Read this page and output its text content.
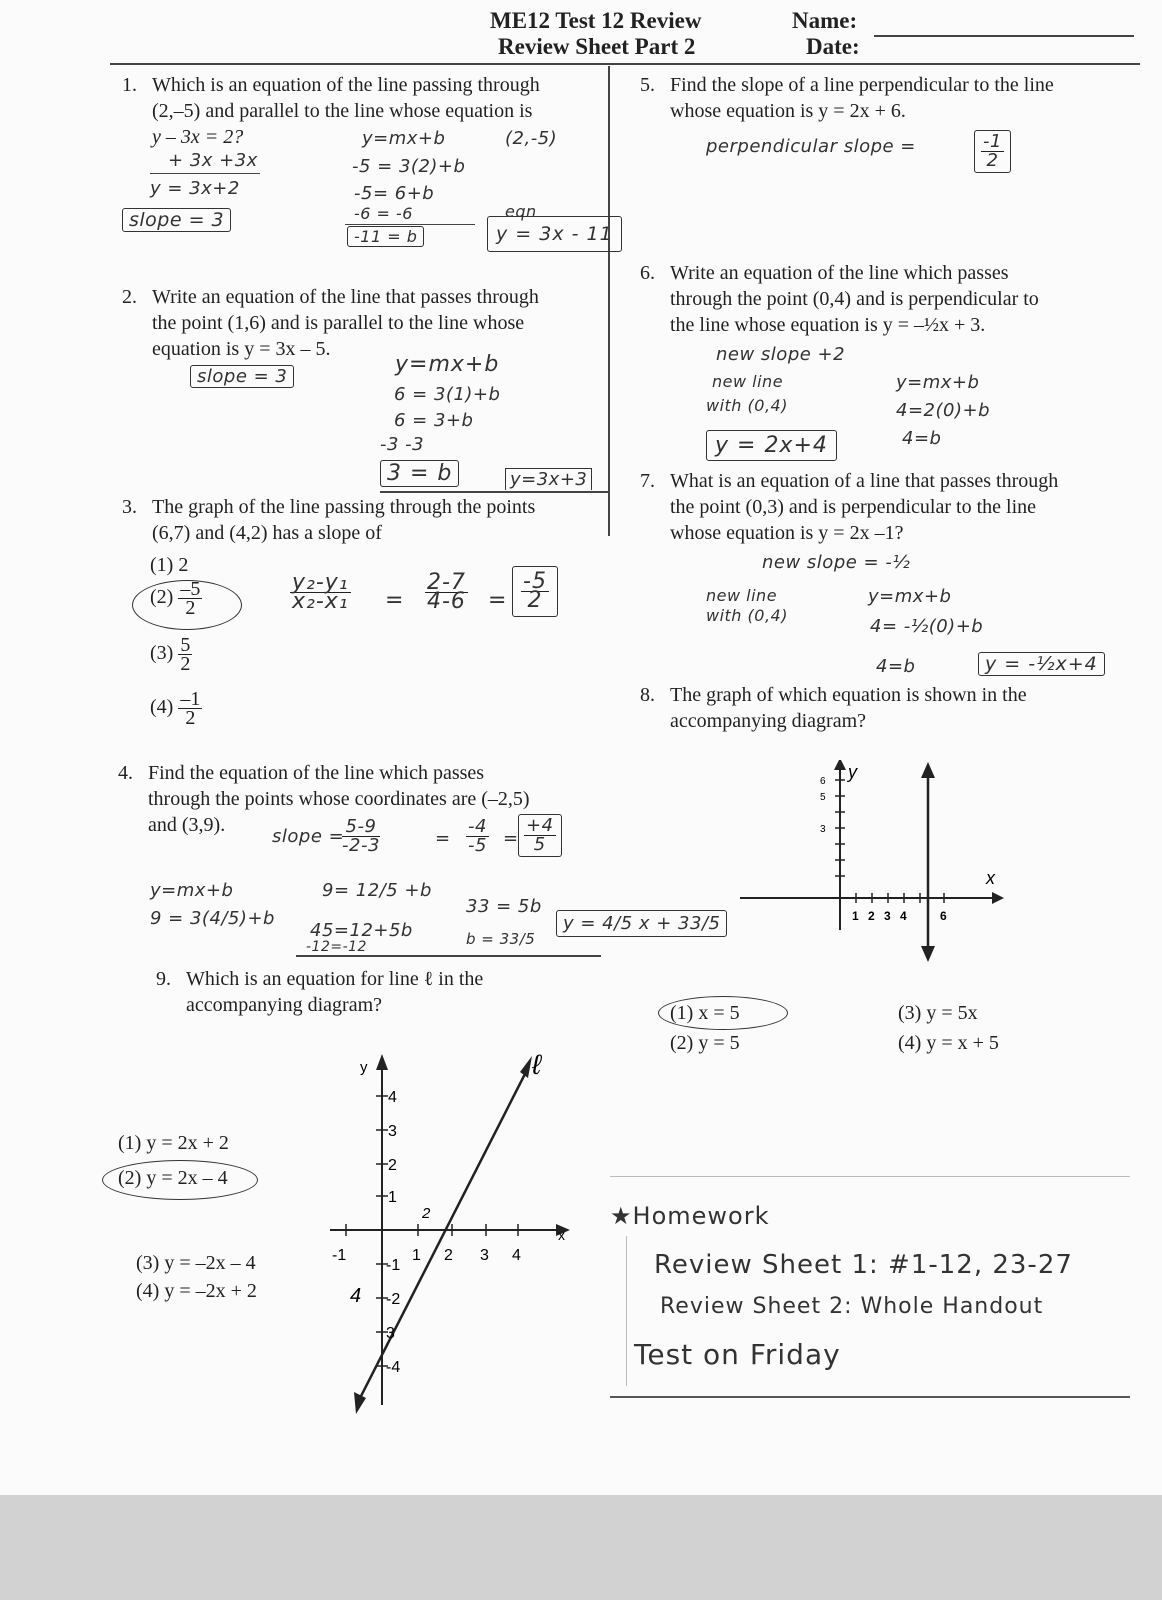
ME12 Test 12 Review
Review Sheet Part 2
Name:
Date:
1. Which is an equation of the line passing through
(2,–5) and parallel to the line whose equation is
y – 3x = 2?
+ 3x +3x
y = 3x+2
slope = 3
y=mx+b	(2,-5)
-5 = 3(2)+b
-5= 6+b
-6 = -6	eqn
-11 = b	y = 3x - 11
2. Write an equation of the line that passes through
the point (1,6) and is parallel to the line whose
equation is y = 3x – 5.
slope = 3	y=mx+b
6 = 3(1)+b
6 = 3+b
-3 -3
3 = b	y=3x+3
3. The graph of the line passing through the points
(6,7) and (4,2) has a slope of
(1) 2
$(2) \frac{-5}{2}$
$(3) \frac{5}{2}$
$(4) \frac{-1}{2}$
$\frac{\text{y₂-y₁}}{\text{x₂-x₁}} = \frac{2-7}{4-6} = \frac{-5}{2}$
4. Find the equation of the line which passes
through the points whose coordinates are (–2,5)
and (3,9).
slope =
$\frac{5-9}{-2-3}$	= $\frac{-4}{-5} = \frac{+4}{5}$
y=mx+b
9 = 3(4/5)+b
9= 12/5 +b
45=12+5b
-12=-12
33 = 5b
b = 33/5
y = 4/5 x + 33/5
5. Find the slope of a line perpendicular to the line
whose equation is y = 2x + 6.
perpendicular slope =	$\frac{-1}{2}$
6. Write an equation of the line which passes
through the point (0,4) and is perpendicular to
the line whose equation is y = –½x + 3.
new slope +2
new line
with (0,4)
y=mx+b
4=2(0)+b
4=b
y = 2x+4
7. What is an equation of a line that passes through
the point (0,3) and is perpendicular to the line
whose equation is y = 2x –1?
new slope = -½
new line
with (0,4)
y=mx+b
4= -½(0)+b
4=b	y = -½x+4
8. The graph of which equation is shown in the
accompanying diagram?
1 2 3 4	6
6
5
3
x
y
(1) x = 5
(2) y = 5
(3) y = 5x
(4) y = x + 5
9. Which is an equation for line ℓ in the
accompanying diagram?
(1) y = 2x + 2
(2) y = 2x – 4
(3) y = –2x – 4
(4) y = –2x + 2
ℓ
x
y
-1	1 2 3 4
4
3
2
1
-1
-2
3
-4
2
4
★Homework
Review Sheet 1: #1-12, 23-27
Review Sheet 2: Whole Handout
Test on Friday
